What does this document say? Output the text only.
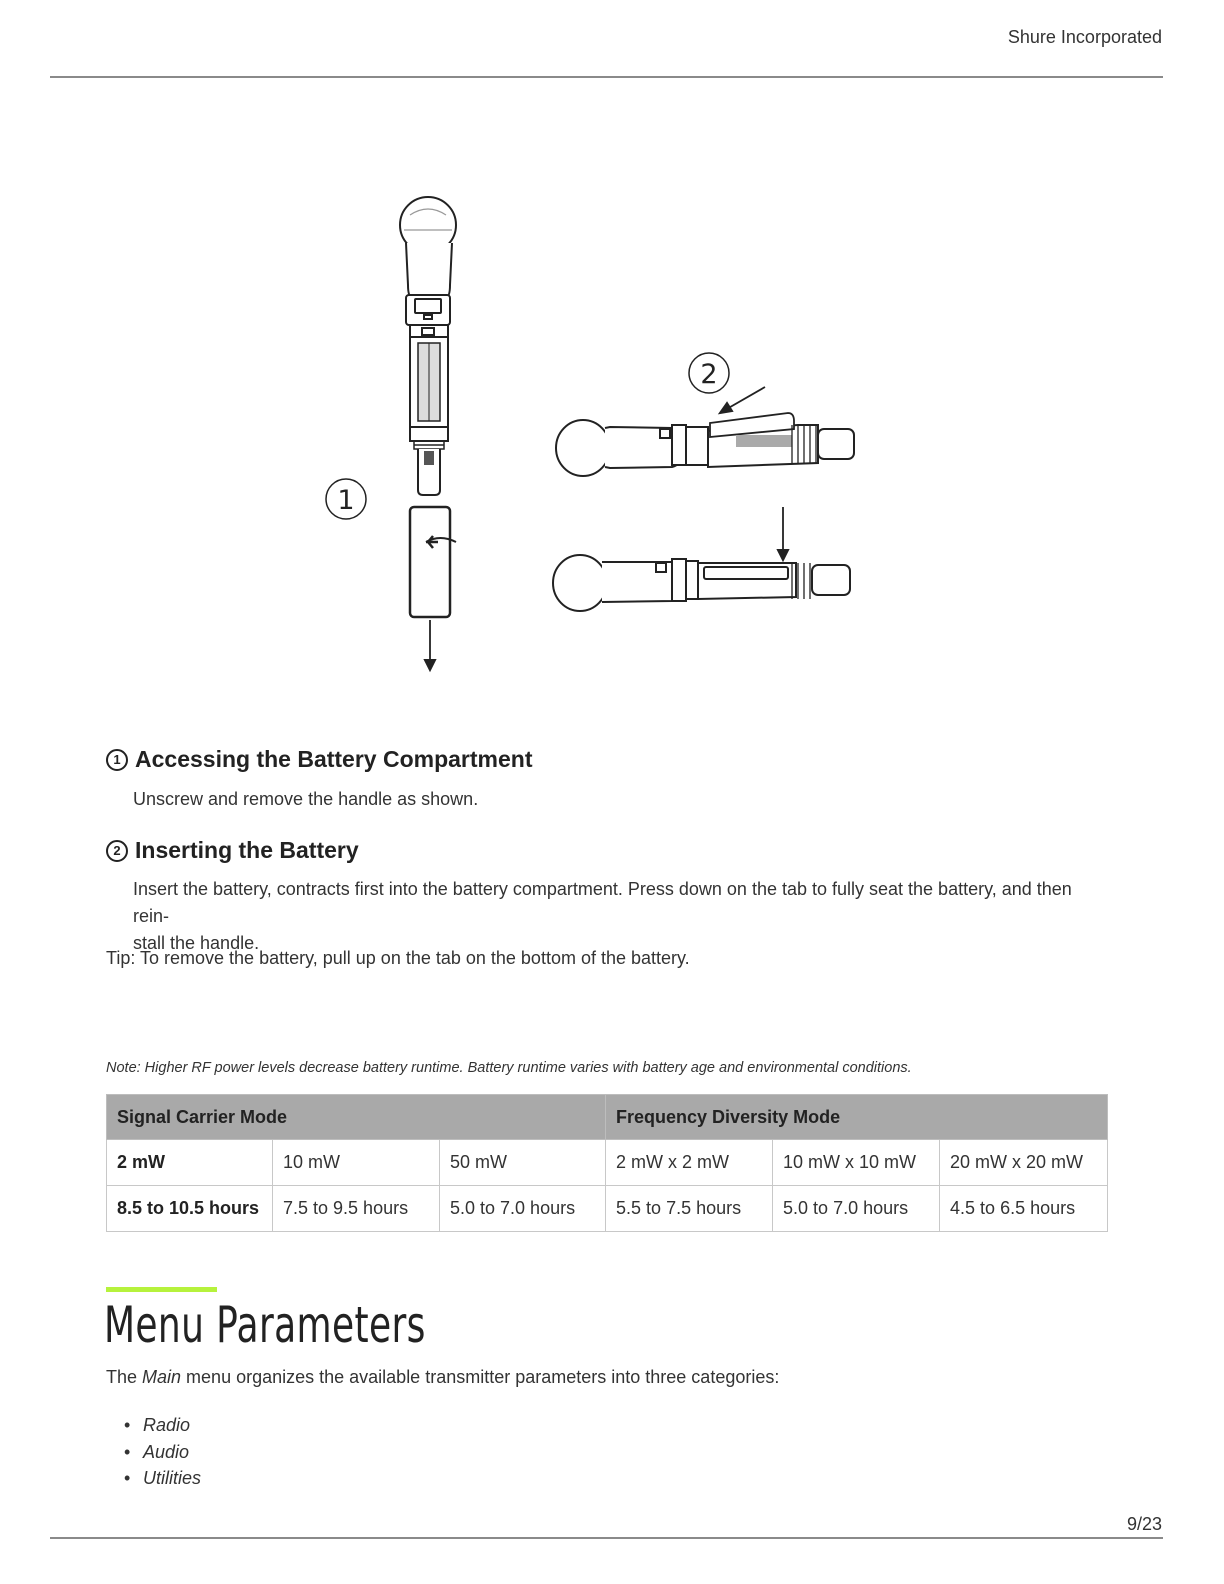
Shure Incorporated
1
2
1 Accessing the Battery Compartment
Unscrew and remove the handle as shown.
2 Inserting the Battery
Insert the battery, contracts first into the battery compartment. Press down on the tab to fully seat the battery, and then rein-
stall the handle.
Tip: To remove the battery, pull up on the tab on the bottom of the battery.
Note: Higher RF power levels decrease battery runtime. Battery runtime varies with battery age and environmental conditions.
Signal Carrier Mode			Frequency Diversity Mode		
2 mW	10 mW	50 mW	2 mW x 2 mW	10 mW x 10 mW	20 mW x 20 mW
8.5 to 10.5 hours	7.5 to 9.5 hours	5.0 to 7.0 hours	5.5 to 7.5 hours	5.0 to 7.0 hours	4.5 to 6.5 hours
Menu Parameters
The Main menu organizes the available transmitter parameters into three categories:
• Radio
• Audio
• Utilities
9/23
